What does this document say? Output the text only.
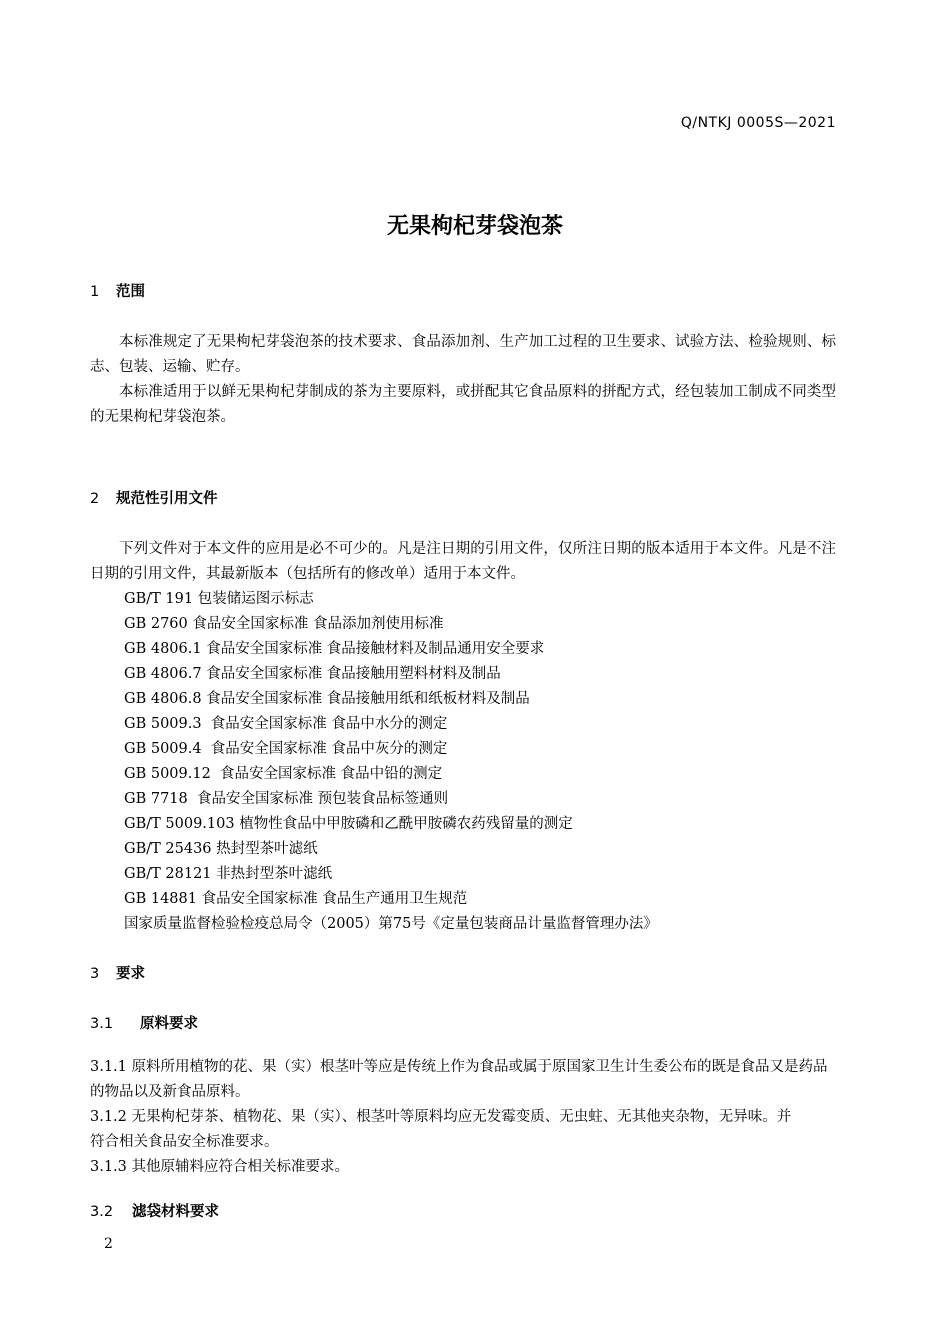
Q/NTKJ 0005S—2021
无果枸杞芽袋泡茶

1 范围

本标准规定了无果枸杞芽袋泡茶的技术要求、食品添加剂、生产加工过程的卫生要求、试验方法、检验规则、标志、包装、运输、贮存。

本标准适用于以鲜无果枸杞芽制成的茶为主要原料，或拼配其它食品原料的拼配方式，经包装加工制成不同类型的无果枸杞芽袋泡茶。

2 规范性引用文件

下列文件对于本文件的应用是必不可少的。凡是注日期的引用文件，仅所注日期的版本适用于本文件。凡是不注日期的引用文件，其最新版本（包括所有的修改单）适用于本文件。

GB/T 191 包装储运图示标志

GB 2760 食品安全国家标准 食品添加剂使用标准

GB 4806.1 食品安全国家标准 食品接触材料及制品通用安全要求

GB 4806.7 食品安全国家标准 食品接触用塑料材料及制品

GB 4806.8 食品安全国家标准 食品接触用纸和纸板材料及制品

GB 5009.3  食品安全国家标准 食品中水分的测定

GB 5009.4  食品安全国家标准 食品中灰分的测定

GB 5009.12  食品安全国家标准 食品中铅的测定

GB 7718  食品安全国家标准 预包装食品标签通则

GB/T 5009.103 植物性食品中甲胺磷和乙酰甲胺磷农药残留量的测定

GB/T 25436 热封型茶叶滤纸

GB/T 28121 非热封型茶叶滤纸

GB 14881 食品安全国家标准 食品生产通用卫生规范

国家质量监督检验检疫总局令（2005）第75号《定量包装商品计量监督管理办法》

3 要求

3.1 原料要求

3.1.1 原料所用植物的花、果（实）根茎叶等应是传统上作为食品或属于原国家卫生计生委公布的既是食品又是药品的物品以及新食品原料。

3.1.2 无果枸杞芽茶、植物花、果（实）、根茎叶等原料均应无发霉变质、无虫蛀、无其他夹杂物，无异味。并符合相关食品安全标准要求。

3.1.3 其他原辅料应符合相关标准要求。

3.2 滤袋材料要求

2
